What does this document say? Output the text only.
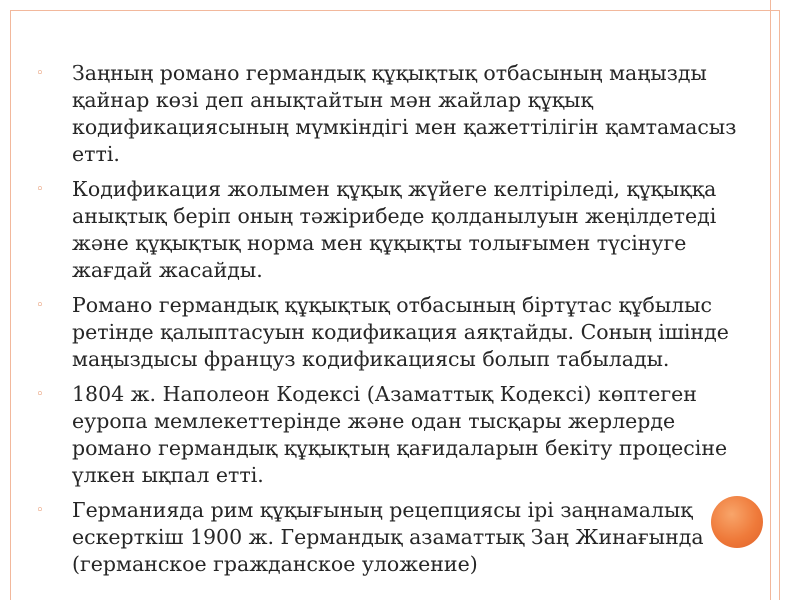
◦	Заңның романо германдық құқықтық отбасының маңызды қайнар көзі деп анықтайтын мән жайлар құқық кодификациясының мүмкіндігі мен қажеттілігін қамтамасыз етті.
◦	Кодификация жолымен құқық жүйеге келтіріледі, құқыққа анықтық беріп оның тәжірибеде қолданылуын жеңілдетеді және құқықтық норма мен құқықты толығымен түсінуге жағдай жасайды.
◦	Романо германдық құқықтық отбасының біртұтас құбылыс ретінде қалыптасуын кодификация аяқтайды. Соның ішінде маңыздысы француз кодификациясы болып табылады.
◦	1804 ж. Наполеон Кодексі (Азаматтық Кодексі) көптеген еуропа мемлекеттерінде және одан тысқары жерлерде романо германдық құқықтың қағидаларын бекіту процесіне үлкен ықпал етті.
◦	Германияда рим құқығының рецепциясы ірі заңнамалық ескерткіш 1900 ж. Германдық азаматтық Заң Жинағында (германское гражданское уложение)
